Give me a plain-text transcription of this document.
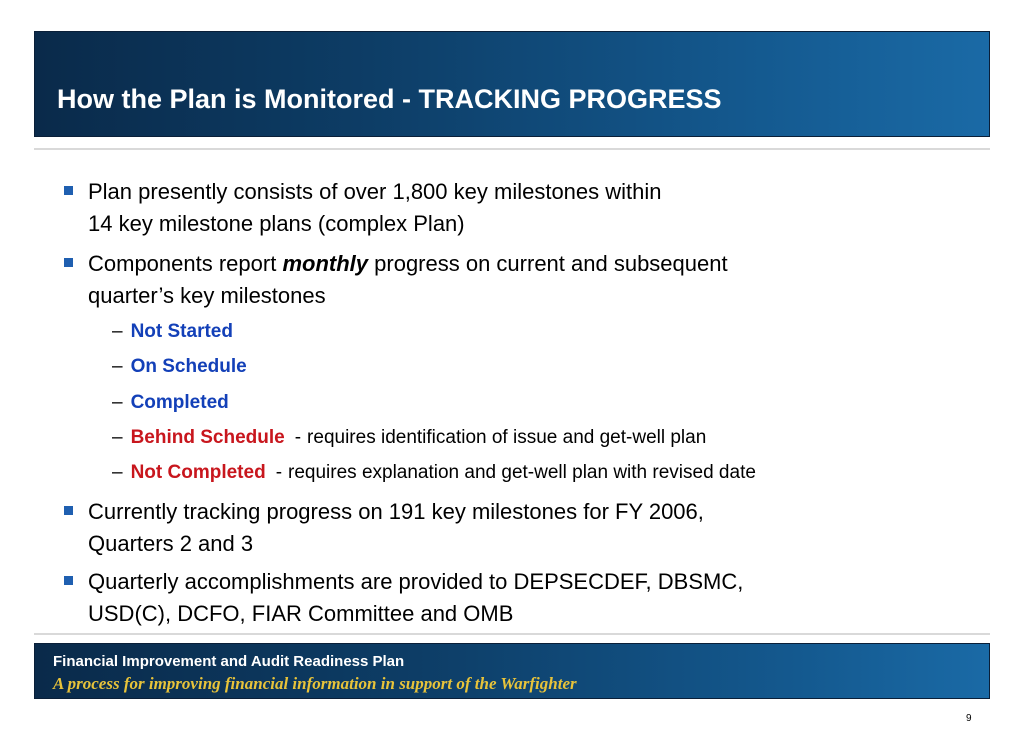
How the Plan is Monitored - TRACKING PROGRESS
Plan presently consists of over 1,800 key milestones within
14 key milestone plans (complex Plan)
Components report monthly progress on current and subsequent
quarter’s key milestones
– Not Started
– On Schedule
– Completed
– Behind Schedule - requires identification of issue and get-well plan
– Not Completed - requires explanation and get-well plan with revised date
Currently tracking progress on 191 key milestones for FY 2006,
Quarters 2 and 3
Quarterly accomplishments are provided to DEPSECDEF, DBSMC,
USD(C), DCFO, FIAR Committee and OMB
Financial Improvement and Audit Readiness Plan
A process for improving financial information in support of the Warfighter
9
